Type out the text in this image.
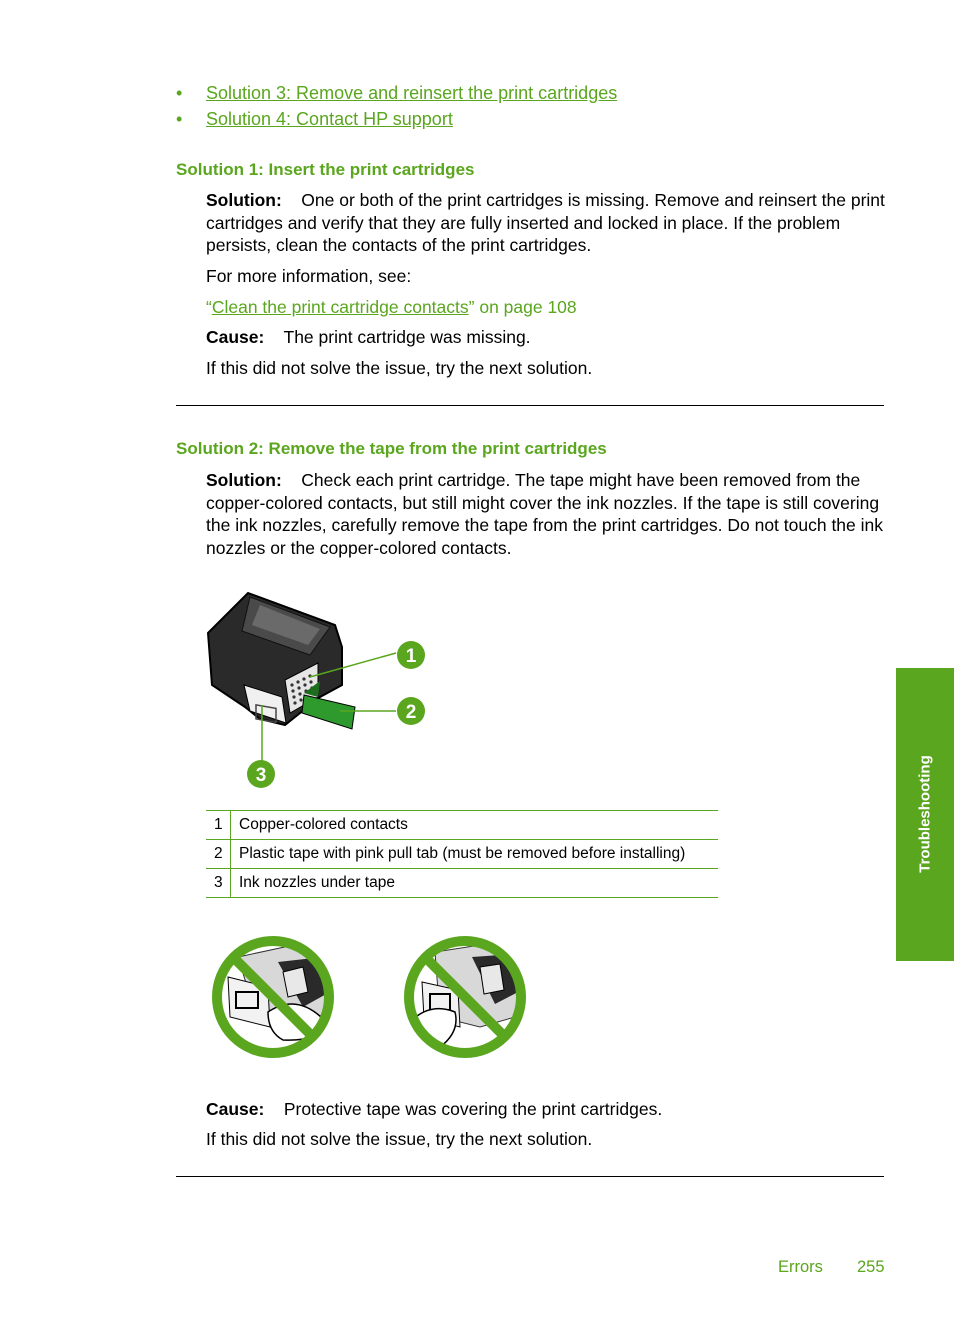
• Solution 3: Remove and reinsert the print cartridges
• Solution 4: Contact HP support
Solution 1: Insert the print cartridges
Solution: One or both of the print cartridges is missing. Remove and reinsert the print cartridges and verify that they are fully inserted and locked in place. If the problem persists, clean the contacts of the print cartridges.
For more information, see:
“Clean the print cartridge contacts” on page 108
Cause: The print cartridge was missing.
If this did not solve the issue, try the next solution.
Solution 2: Remove the tape from the print cartridges
Solution: Check each print cartridge. The tape might have been removed from the copper-colored contacts, but still might cover the ink nozzles. If the tape is still covering the ink nozzles, carefully remove the tape from the print cartridges. Do not touch the ink nozzles or the copper-colored contacts.
1
2
3
1	Copper-colored contacts
2	Plastic tape with pink pull tab (must be removed before installing)
3	Ink nozzles under tape
Cause: Protective tape was covering the print cartridges.
If this did not solve the issue, try the next solution.
Troubleshooting
Errors 255
